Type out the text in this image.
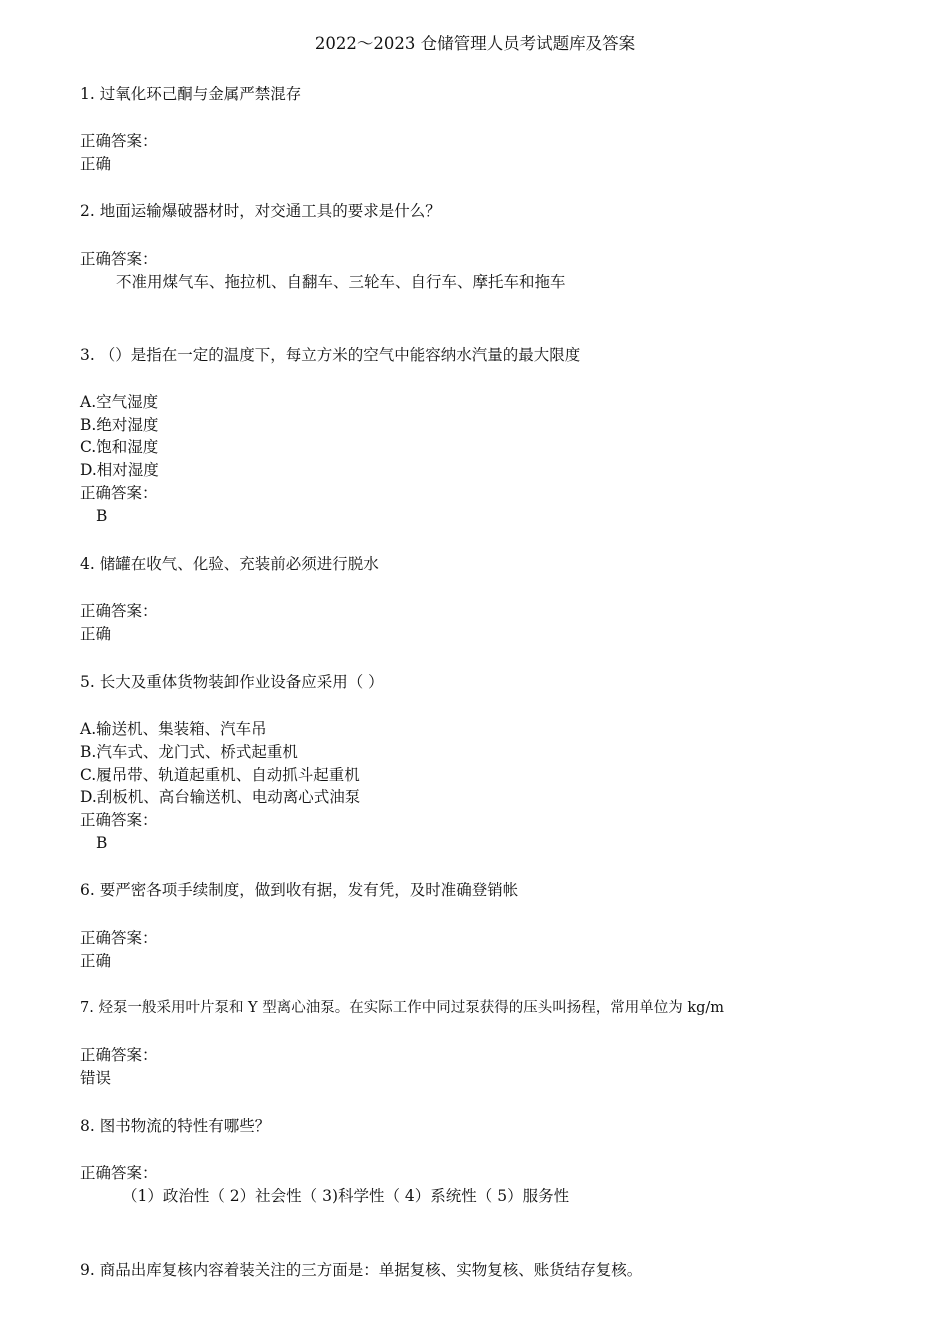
2022～2023 仓储管理人员考试题库及答案
1. 过氧化环己酮与金属严禁混存
正确答案：
正确
2. 地面运输爆破器材时，对交通工具的要求是什么？
正确答案：
不准用煤气车、拖拉机、自翻车、三轮车、自行车、摩托车和拖车
3. （）是指在一定的温度下，每立方米的空气中能容纳水汽量的最大限度
A.空气湿度
B.绝对湿度
C.饱和湿度
D.相对湿度
正确答案：
B
4. 储罐在收气、化验、充装前必须进行脱水
正确答案：
正确
5. 长大及重体货物装卸作业设备应采用（ ）
A.输送机、集装箱、汽车吊
B.汽车式、龙门式、桥式起重机
C.履吊带、轨道起重机、自动抓斗起重机
D.刮板机、高台输送机、电动离心式油泵
正确答案：
B
6. 要严密各项手续制度，做到收有据，发有凭，及时准确登销帐
正确答案：
正确
7. 烃泵一般采用叶片泵和 Y 型离心油泵。在实际工作中同过泵获得的压头叫扬程，常用单位为 kg/m
正确答案：
错误
8. 图书物流的特性有哪些？
正确答案：
（1）政治性（ 2）社会性（ 3)科学性（ 4）系统性（ 5）服务性
9. 商品出库复核内容着装关注的三方面是：单据复核、实物复核、账货结存复核。
